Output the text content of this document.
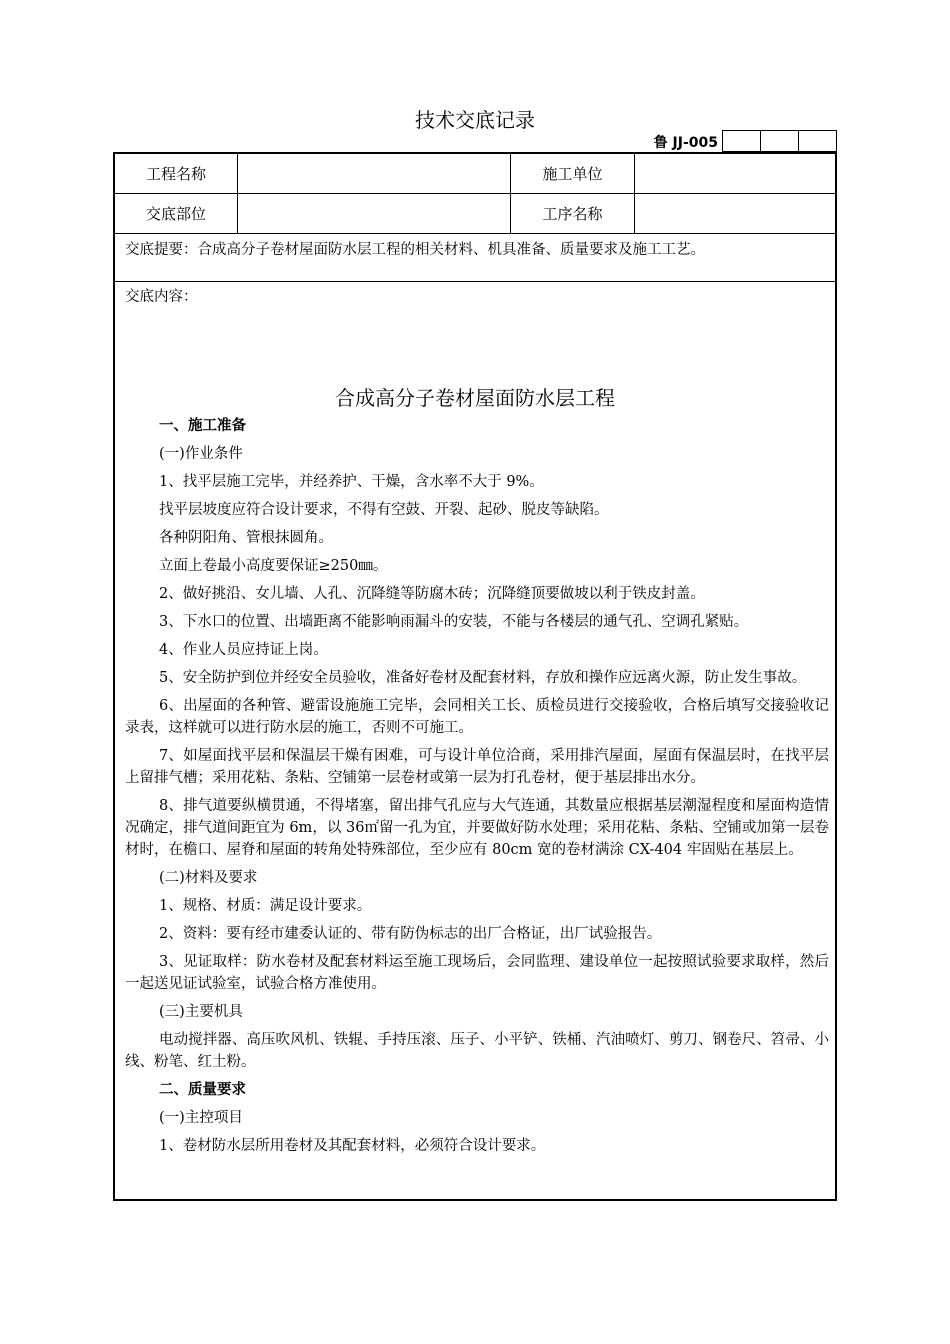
技术交底记录
鲁 JJ-005
工程名称	施工单位
交底部位	工序名称
交底提要：合成高分子卷材屋面防水层工程的相关材料、机具准备、质量要求及施工工艺。
交底内容：
合成高分子卷材屋面防水层工程

一、施工准备

(一)作业条件

1、找平层施工完毕，并经养护、干燥，含水率不大于 9%。

找平层坡度应符合设计要求，不得有空鼓、开裂、起砂、脱皮等缺陷。

各种阴阳角、管根抹圆角。

立面上卷最小高度要保证≥250㎜。

2、做好挑沿、女儿墙、人孔、沉降缝等防腐木砖；沉降缝顶要做坡以利于铁皮封盖。

3、下水口的位置、出墙距离不能影响雨漏斗的安装，不能与各楼层的通气孔、空调孔紧贴。

4、作业人员应持证上岗。

5、安全防护到位并经安全员验收，准备好卷材及配套材料，存放和操作应远离火源，防止发生事故。

6、出屋面的各种管、避雷设施施工完毕，会同相关工长、质检员进行交接验收，合格后填写交接验收记录表，这样就可以进行防水层的施工，否则不可施工。

7、如屋面找平层和保温层干燥有困难，可与设计单位洽商，采用排汽屋面，屋面有保温层时，在找平层上留排气槽；采用花粘、条粘、空铺第一层卷材或第一层为打孔卷材，便于基层排出水分。

8、排气道要纵横贯通，不得堵塞，留出排气孔应与大气连通，其数量应根据基层潮湿程度和屋面构造情况确定，排气道间距宜为 6m，以 36㎡留一孔为宜，并要做好防水处理；采用花粘、条粘、空铺或加第一层卷材时，在檐口、屋脊和屋面的转角处特殊部位，至少应有 80cm 宽的卷材满涂 CX-404 牢固贴在基层上。

(二)材料及要求

1、规格、材质：满足设计要求。

2、资料：要有经市建委认证的、带有防伪标志的出厂合格证，出厂试验报告。

3、见证取样：防水卷材及配套材料运至施工现场后，会同监理、建设单位一起按照试验要求取样，然后一起送见证试验室，试验合格方准使用。

(三)主要机具

电动搅拌器、高压吹风机、铁辊、手持压滚、压子、小平铲、铁桶、汽油喷灯、剪刀、钢卷尺、笤帚、小线、粉笔、红土粉。

二、质量要求

(一)主控项目

1、卷材防水层所用卷材及其配套材料，必须符合设计要求。
